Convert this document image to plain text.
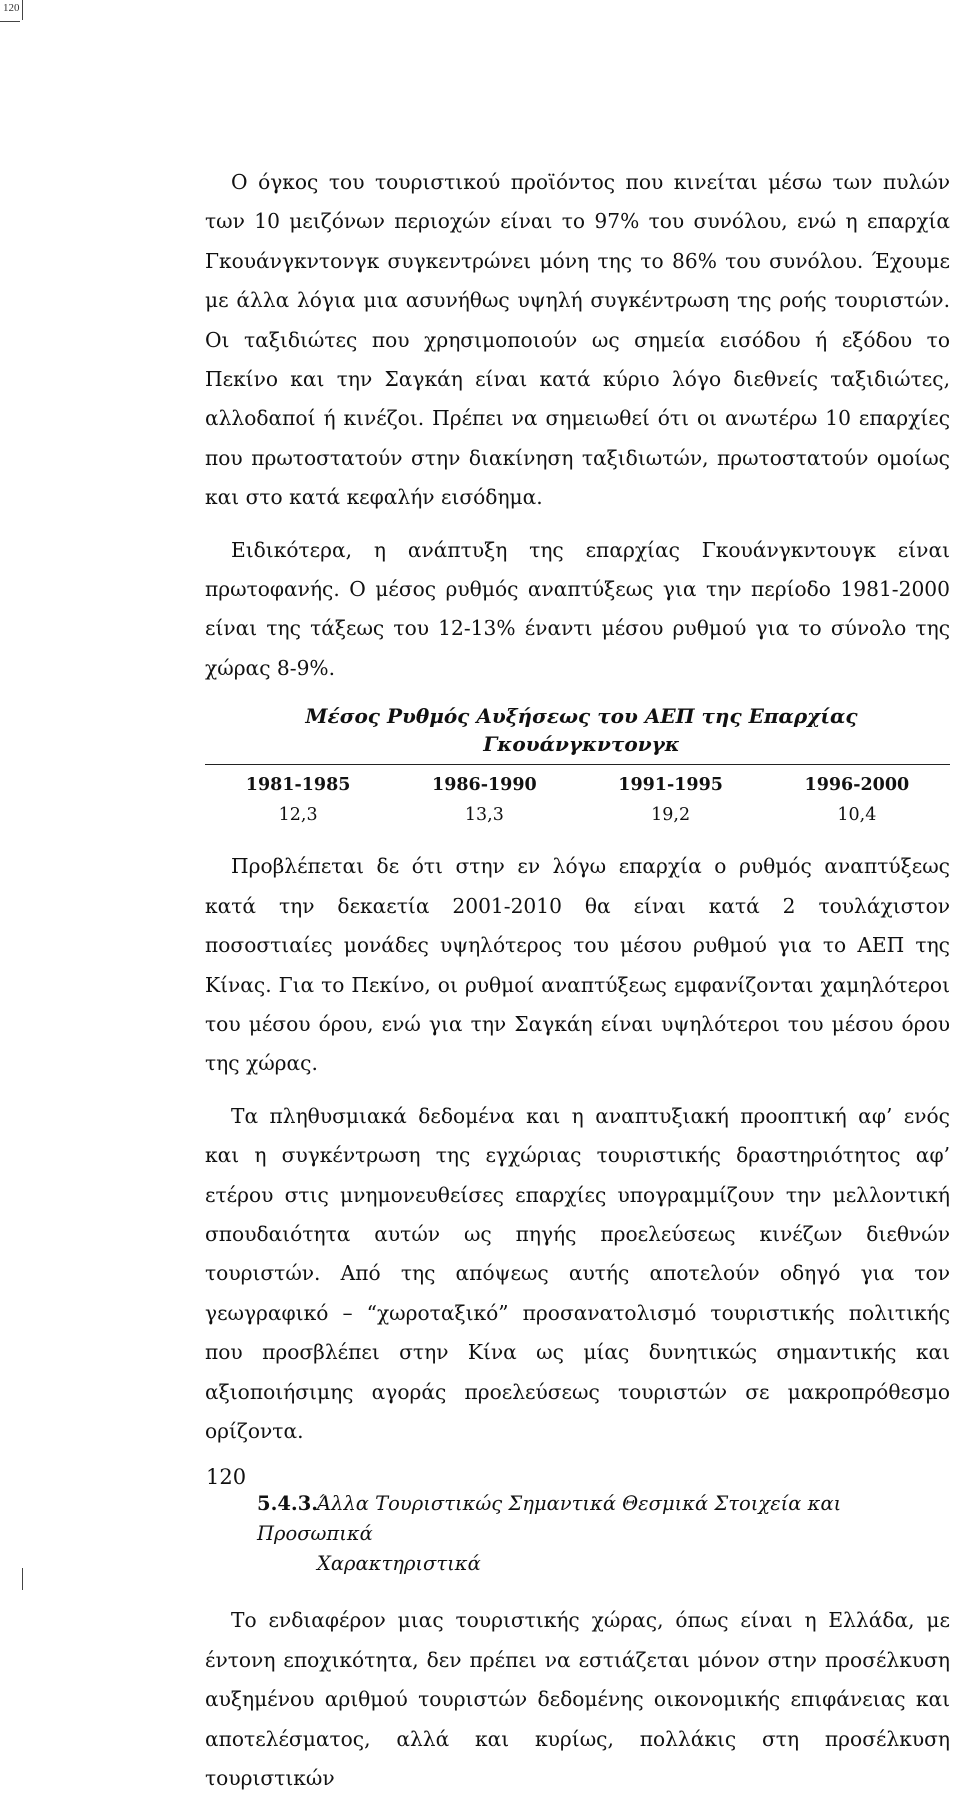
120

Ο όγκος του τουριστικού προϊόντος που κινείται μέσω των πυλών των 10 μειζόνων περιοχών είναι το 97% του συνόλου, ενώ η επαρχία Γκουάνγκντονγκ συγκεντρώνει μόνη της το 86% του συνόλου. Έχουμε με άλλα λόγια μια ασυνήθως υψηλή συγκέντρωση της ροής τουριστών. Οι ταξιδιώτες που χρησιμοποιούν ως σημεία εισόδου ή εξόδου το Πεκίνο και την Σαγκάη είναι κατά κύριο λόγο διεθνείς ταξιδιώτες, αλλοδαποί ή κινέζοι. Πρέπει να σημειωθεί ότι οι ανωτέρω 10 επαρχίες που πρωτοστατούν στην διακίνηση ταξιδιωτών, πρωτοστατούν ομοίως και στο κατά κεφαλήν εισόδημα.

Ειδικότερα, η ανάπτυξη της επαρχίας Γκουάνγκντουγκ είναι πρωτοφανής. Ο μέσος ρυθμός αναπτύξεως για την περίοδο 1981-2000 είναι της τάξεως του 12-13% έναντι μέσου ρυθμού για το σύνολο της χώρας 8-9%.

Μέσος Ρυθμός Αυξήσεως του ΑΕΠ της Επαρχίας Γκουάνγκντονγκ
1981-1985	1986-1990	1991-1995	1996-2000
12,3	13,3	19,2	10,4

Προβλέπεται δε ότι στην εν λόγω επαρχία ο ρυθμός αναπτύξεως κατά την δεκαετία 2001-2010 θα είναι κατά 2 τουλάχιστον ποσοστιαίες μονάδες υψηλότερος του μέσου ρυθμού για το ΑΕΠ της Κίνας. Για το Πεκίνο, οι ρυθμοί αναπτύξεως εμφανίζονται χαμηλότεροι του μέσου όρου, ενώ για την Σαγκάη είναι υψηλότεροι του μέσου όρου της χώρας.

Τα πληθυσμιακά δεδομένα και η αναπτυξιακή προοπτική αφ’ ενός και η συγκέντρωση της εγχώριας τουριστικής δραστηριότητος αφ’ ετέρου στις μνημονευθείσες επαρχίες υπογραμμίζουν την μελλοντική σπουδαιότητα αυτών ως πηγής προελεύσεως κινέζων διεθνών τουριστών. Από της απόψεως αυτής αποτελούν οδηγό για τον γεωγραφικό – “χωροταξικό” προσανατολισμό τουριστικής πολιτικής που προσβλέπει στην Κίνα ως μίας δυνητικώς σημαντικής και αξιοποιήσιμης αγοράς προελεύσεως τουριστών σε μακροπρόθεσμο ορίζοντα.

5.4.3.Άλλα Τουριστικώς Σημαντικά Θεσμικά Στοιχεία και Προσωπικά
Χαρακτηριστικά

Το ενδιαφέρον μιας τουριστικής χώρας, όπως είναι η Ελλάδα, με έντονη εποχικότητα, δεν πρέπει να εστιάζεται μόνον στην προσέλκυση αυξημένου αριθμού τουριστών δεδομένης οικονομικής επιφάνειας και αποτελέσματος, αλλά και κυρίως, πολλάκις στη προσέλκυση τουριστικών

120
